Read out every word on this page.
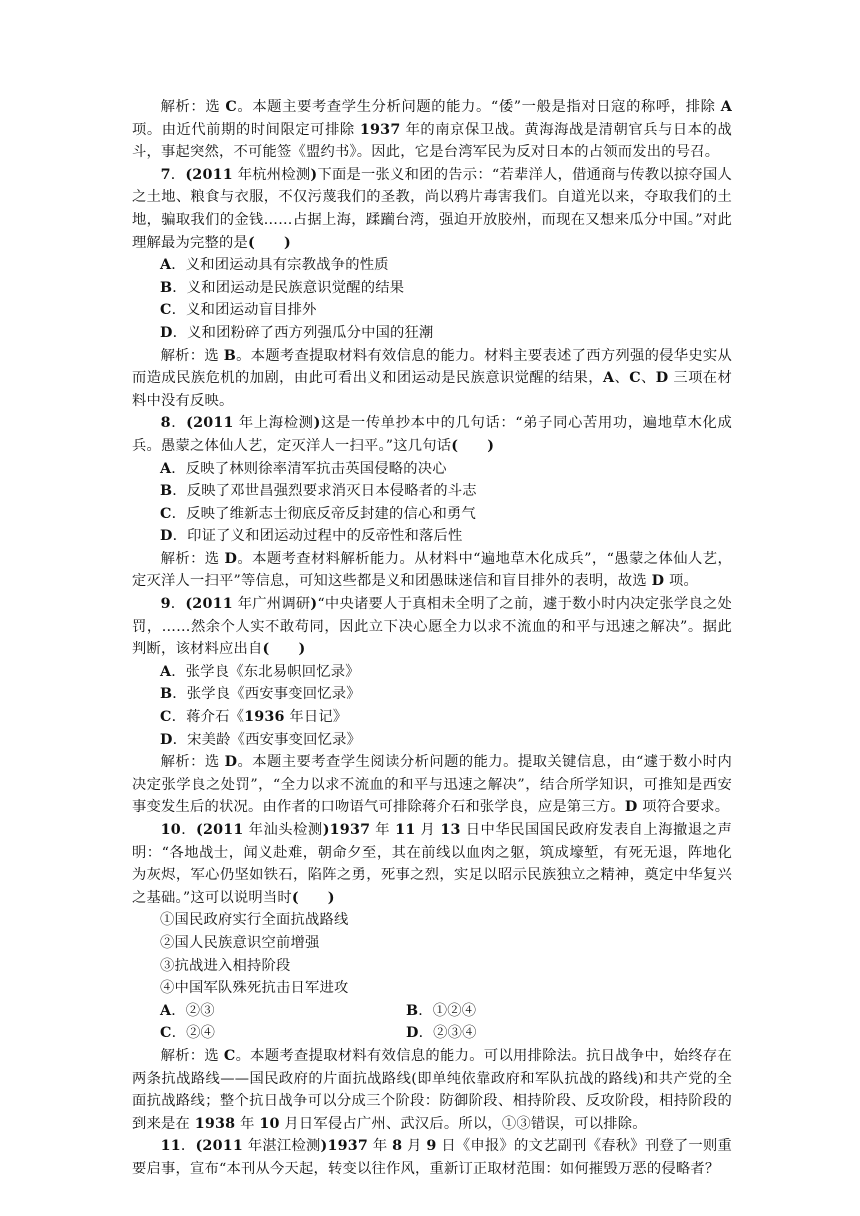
解析：选 C。本题主要考查学生分析问题的能力。“倭”一般是指对日寇的称呼，排除 A 项。由近代前期的时间限定可排除 1937 年的南京保卫战。黄海海战是清朝官兵与日本的战斗，事起突然，不可能签《盟约书》。因此，它是台湾军民为反对日本的占领而发出的号召。

7．(2011 年杭州检测)下面是一张义和团的告示：“若辈洋人，借通商与传教以掠夺国人之土地、粮食与衣服，不仅污蔑我们的圣教，尚以鸦片毒害我们。自道光以来，夺取我们的土地，骗取我们的金钱……占据上海，蹂躏台湾，强迫开放胶州，而现在又想来瓜分中国。”对此理解最为完整的是(　　)

A．义和团运动具有宗教战争的性质

B．义和团运动是民族意识觉醒的结果

C．义和团运动盲目排外

D．义和团粉碎了西方列强瓜分中国的狂潮

解析：选 B。本题考查提取材料有效信息的能力。材料主要表述了西方列强的侵华史实从而造成民族危机的加剧，由此可看出义和团运动是民族意识觉醒的结果，A、C、D 三项在材料中没有反映。

8．(2011 年上海检测)这是一传单抄本中的几句话：“弟子同心苦用功，遍地草木化成兵。愚蒙之体仙人艺，定灭洋人一扫平。”这几句话(　　)

A．反映了林则徐率清军抗击英国侵略的决心

B．反映了邓世昌强烈要求消灭日本侵略者的斗志

C．反映了维新志士彻底反帝反封建的信心和勇气

D．印证了义和团运动过程中的反帝性和落后性

解析：选 D。本题考查材料解析能力。从材料中“遍地草木化成兵”，“愚蒙之体仙人艺，定灭洋人一扫平”等信息，可知这些都是义和团愚昧迷信和盲目排外的表明，故选 D 项。

9．(2011 年广州调研)“中央诸要人于真相未全明了之前，遽于数小时内决定张学良之处罚，……然余个人实不敢苟同，因此立下决心愿全力以求不流血的和平与迅速之解决”。据此判断，该材料应出自(　　)

A．张学良《东北易帜回忆录》

B．张学良《西安事变回忆录》

C．蒋介石《1936 年日记》

D．宋美龄《西安事变回忆录》

解析：选 D。本题主要考查学生阅读分析问题的能力。提取关键信息，由“遽于数小时内决定张学良之处罚”，“全力以求不流血的和平与迅速之解决”，结合所学知识，可推知是西安事变发生后的状况。由作者的口吻语气可排除蒋介石和张学良，应是第三方。D 项符合要求。

10．(2011 年汕头检测)1937 年 11 月 13 日中华民国国民政府发表自上海撤退之声明：“各地战士，闻义赴难，朝命夕至，其在前线以血肉之躯，筑成壕堑，有死无退，阵地化为灰烬，军心仍坚如铁石，陷阵之勇，死事之烈，实足以昭示民族独立之精神，奠定中华复兴之基础。”这可以说明当时(　　)

①国民政府实行全面抗战路线

②国人民族意识空前增强

③抗战进入相持阶段

④中国军队殊死抗击日军进攻

A．②③	B．①②④
C．②④	D．②③④

解析：选 C。本题考查提取材料有效信息的能力。可以用排除法。抗日战争中，始终存在两条抗战路线——国民政府的片面抗战路线(即单纯依靠政府和军队抗战的路线)和共产党的全面抗战路线；整个抗日战争可以分成三个阶段：防御阶段、相持阶段、反攻阶段，相持阶段的到来是在 1938 年 10 月日军侵占广州、武汉后。所以，①③错误，可以排除。

11．(2011 年湛江检测)1937 年 8 月 9 日《申报》的文艺副刊《春秋》刊登了一则重要启事，宣布“本刊从今天起，转变以往作风，重新订正取材范围：如何摧毁万恶的侵略者？
